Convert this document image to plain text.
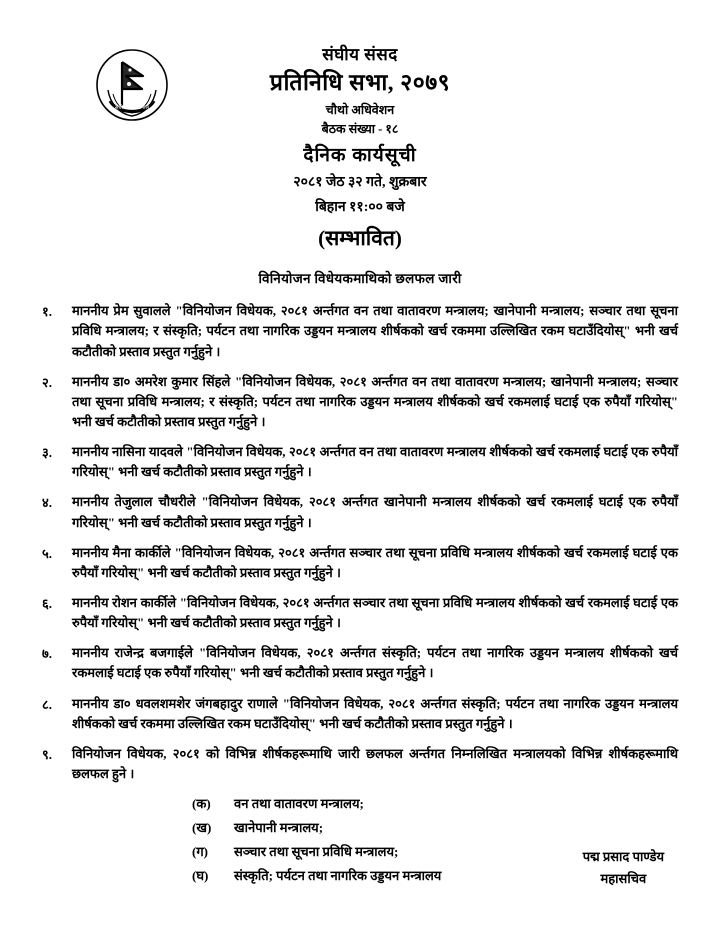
संघीय संसद नेपाल
संघीय संसद
प्रतिनिधि सभा, २०७९
चौथो अधिवेशन
बैठक संख्या - १८
दैनिक कार्यसूची
२०८१ जेठ ३२ गते, शुक्रबार
बिहान ११:०० बजे
(सम्भावित)
विनियोजन विधेयकमाथिको छलफल जारी
१.	माननीय प्रेम सुवालले "विनियोजन विधेयक, २०८१ अर्न्तगत वन तथा वातावरण मन्त्रालय; खानेपानी मन्त्रालय; सञ्चार तथा सूचना प्रविधि मन्त्रालय; र संस्कृति; पर्यटन तथा नागरिक उड्डयन मन्त्रालय शीर्षकको खर्च रकममा उल्लिखित रकम घटाउँदियोस्" भनी खर्च कटौतीको प्रस्ताव प्रस्तुत गर्नुहुने ।
२.	माननीय डा० अमरेश कुमार सिंहले "विनियोजन विधेयक, २०८१ अर्न्तगत वन तथा वातावरण मन्त्रालय; खानेपानी मन्त्रालय; सञ्चार तथा सूचना प्रविधि मन्त्रालय; र संस्कृति; पर्यटन तथा नागरिक उड्डयन मन्त्रालय शीर्षकको खर्च रकमलाई घटाई एक रुपैयाँ गरियोस्" भनी खर्च कटौतीको प्रस्ताव प्रस्तुत गर्नुहुने ।
३.	माननीय नासिना यादवले "विनियोजन विधेयक, २०८१ अर्न्तगत वन तथा वातावरण मन्त्रालय शीर्षकको खर्च रकमलाई घटाई एक रुपैयाँ गरियोस्" भनी खर्च कटौतीको प्रस्ताव प्रस्तुत गर्नुहुने ।
४.	माननीय तेजुलाल चौधरीले "विनियोजन विधेयक, २०८१ अर्न्तगत खानेपानी मन्त्रालय शीर्षकको खर्च रकमलाई घटाई एक रुपैयाँ गरियोस्" भनी खर्च कटौतीको प्रस्ताव प्रस्तुत गर्नुहुने ।
५.	माननीय मैना कार्कीले "विनियोजन विधेयक, २०८१ अर्न्तगत सञ्चार तथा सूचना प्रविधि मन्त्रालय शीर्षकको खर्च रकमलाई घटाई एक रुपैयाँ गरियोस्" भनी खर्च कटौतीको प्रस्ताव प्रस्तुत गर्नुहुने ।
६.	माननीय रोशन कार्कीले "विनियोजन विधेयक, २०८१ अर्न्तगत सञ्चार तथा सूचना प्रविधि मन्त्रालय शीर्षकको खर्च रकमलाई घटाई एक रुपैयाँ गरियोस्" भनी खर्च कटौतीको प्रस्ताव प्रस्तुत गर्नुहुने ।
७.	माननीय राजेन्द्र बजगाईले "विनियोजन विधेयक, २०८१ अर्न्तगत संस्कृति; पर्यटन तथा नागरिक उड्डयन मन्त्रालय शीर्षकको खर्च रकमलाई घटाई एक रुपैयाँ गरियोस्" भनी खर्च कटौतीको प्रस्ताव प्रस्तुत गर्नुहुने ।
८.	माननीय डा० धवलशमशेर जंगबहादुर राणाले "विनियोजन विधेयक, २०८१ अर्न्तगत संस्कृति; पर्यटन तथा नागरिक उड्डयन मन्त्रालय शीर्षकको खर्च रकममा उल्लिखित रकम घटाउँदियोस्" भनी खर्च कटौतीको प्रस्ताव प्रस्तुत गर्नुहुने ।
९.	विनियोजन विधेयक, २०८१ को विभिन्न शीर्षकहरूमाथि जारी छलफल अर्न्तगत निम्नलिखित मन्त्रालयको विभिन्न शीर्षकहरूमाथि छलफल हुने ।
(क)	वन तथा वातावरण मन्त्रालय;
(ख)	खानेपानी मन्त्रालय;
(ग)	सञ्चार तथा सूचना प्रविधि मन्त्रालय;
(घ)	संस्कृति; पर्यटन तथा नागरिक उड्डयन मन्त्रालय
पद्म प्रसाद पाण्डेय
महासचिव
